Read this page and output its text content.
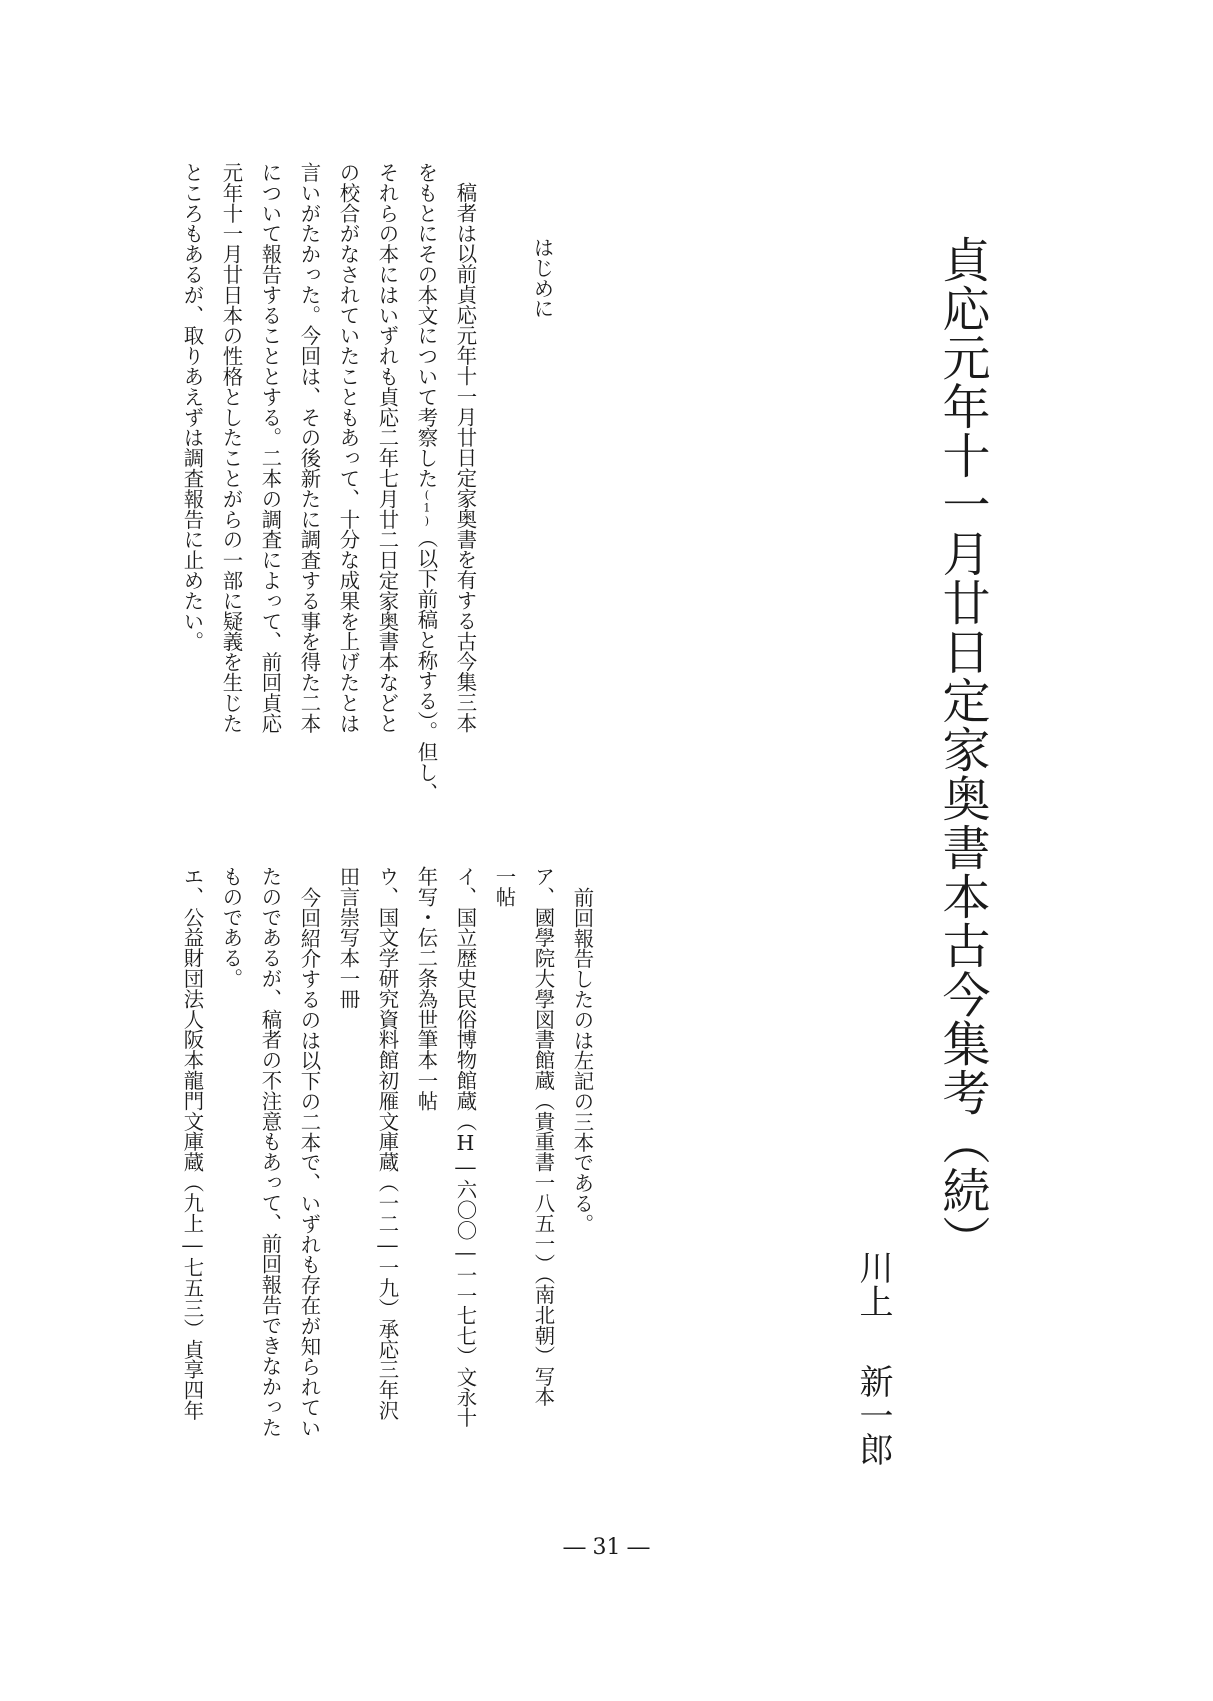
貞応元年十一月廿日定家奥書本古今集考（続）
川上新一郎
はじめに
稿者は以前貞応元年十一月廿日定家奥書を有する古今集三本
をもとにその本文について考察した(1)（以下前稿と称する）。但し、
それらの本にはいずれも貞応二年七月廿二日定家奥書本などと
の校合がなされていたこともあって、十分な成果を上げたとは
言いがたかった。今回は、その後新たに調査する事を得た二本
について報告することとする。二本の調査によって、前回貞応
元年十一月廿日本の性格としたことがらの一部に疑義を生じた
ところもあるが、取りあえずは調査報告に止めたい。
前回報告したのは左記の三本である。
ア、國學院大學図書館蔵（貴重書一八五一）（南北朝）写本
一帖
イ、国立歴史民俗博物館蔵（H―六〇〇―一一七七）文永十
年写・伝二条為世筆本一帖
ウ、国文学研究資料館初雁文庫蔵（一二―一九）承応三年沢
田言崇写本一冊
今回紹介するのは以下の二本で、いずれも存在が知られてい
たのであるが、稿者の不注意もあって、前回報告できなかった
ものである。
エ、公益財団法人阪本龍門文庫蔵（九上―七五三）貞享四年
― 31 ―
